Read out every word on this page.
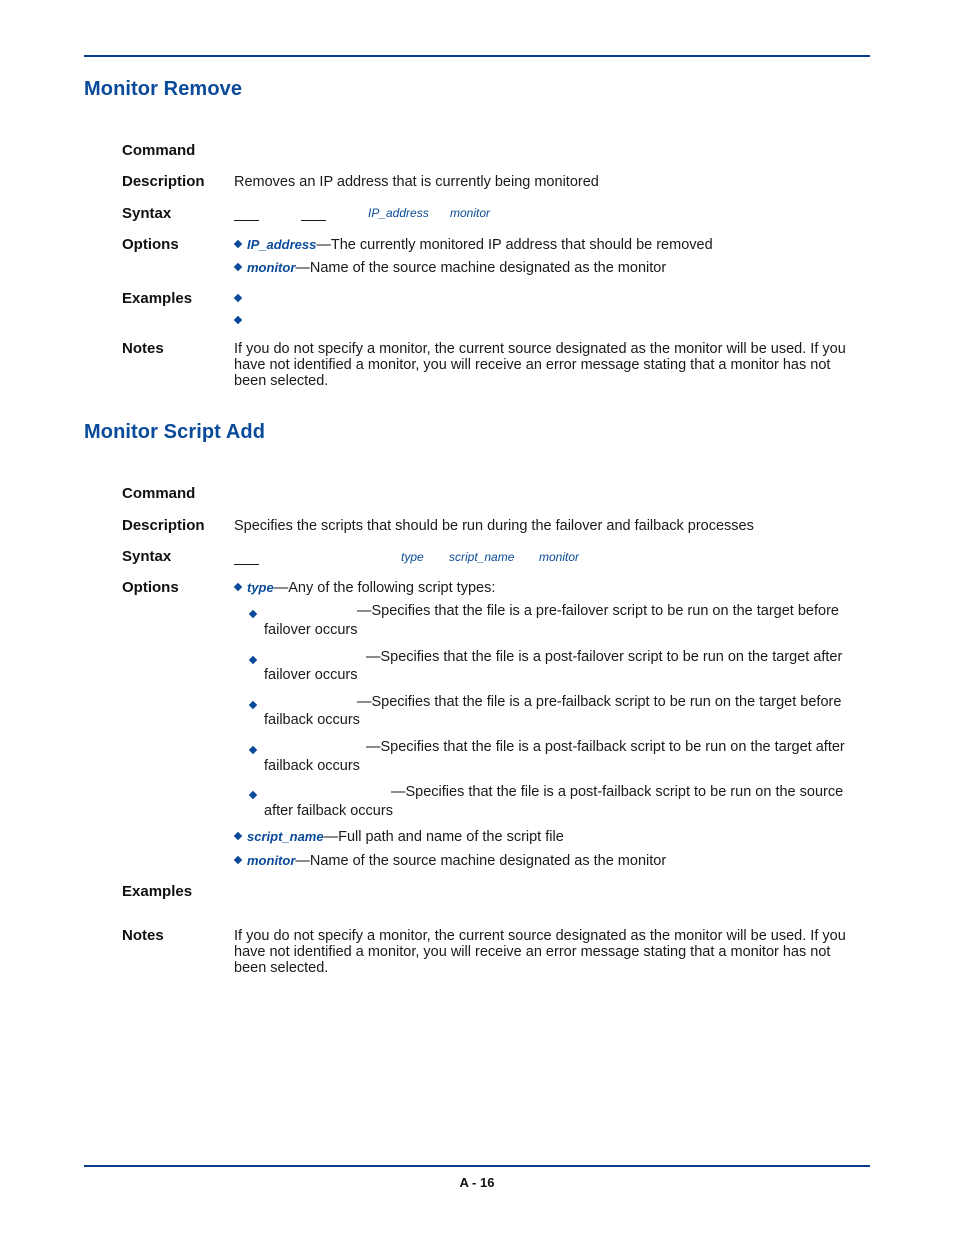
Monitor Remove
Command
Description Removes an IP address that is currently being monitored
Syntax	IP_address monitor
Options	IP_address—The currently monitored IP address that should be removed
monitor—Name of the source machine designated as the monitor
Examples
Notes	If you do not specify a monitor, the current source designated as the monitor will be used. If you have not identified a monitor, you will receive an error message stating that a monitor has not been selected.
Monitor Script Add
Command
Description Specifies the scripts that should be run during the failover and failback processes
Syntax	type script_name monitor
Options	type—Any of the following script types:
—Specifies that the file is a pre-failover script to be run on the target before
failover occurs
—Specifies that the file is a post-failover script to be run on the target after
failover occurs
—Specifies that the file is a pre-failback script to be run on the target before
failback occurs
—Specifies that the file is a post-failback script to be run on the target after
failback occurs
—Specifies that the file is a post-failback script to be run on the source
after failback occurs
script_name—Full path and name of the script file
monitor—Name of the source machine designated as the monitor
Examples
Notes	If you do not specify a monitor, the current source designated as the monitor will be used. If you have not identified a monitor, you will receive an error message stating that a monitor has not been selected.
A - 16
